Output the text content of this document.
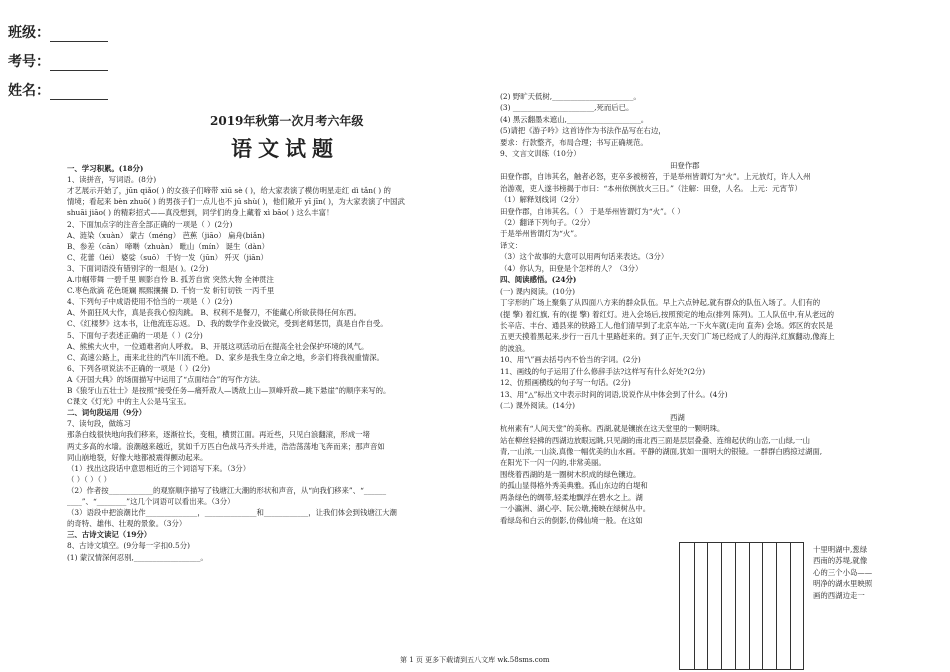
班级：
考号：
姓名：
2019年秋第一次月考六年级
语文试题
一、学习积累。(18分)
1、读拼音，写词语。(8分)
才艺展示开始了，jūn qiǎo( ) 的女孩子们啼带 xiū sè ( )，给大家表演了模仿明星走红 dì tǎn( ) 的
情境；看起来 bèn zhuō( ) 的男孩子们一点儿也不 jū shù( )，他们敞开 yī jīn( )，为大家表演了中国武
shuāi jiāo( ) 的精彩招式——真没想到，同学们的身上藏着 xì bāo( ) 这么丰富！
2、下面加点字的注音全部正确的一项是（ ）(2分)
A、涟染（xuàn） 蒙古（méng） 芭蕉（jiāo） 扁舟(biǎn)
B、参差（cān） 啼啭（zhuàn） 毗山（mín） 诞生（dàn）
C、花蕾（léi） 婆娑（suō） 千钧一发（jūn） 歼灭（jiān）
3、下面词语没有错别字的一组是( )。(2分)
A.巾帼带舞 一碧千里 顾影自怜 B. 孤芳自赏 突然大物 全神贯注
C.枣色欲滴 花色斑斓 熙熙攘攘 D. 千钧一发 斩钉切铁 一丙千里
4、下列句子中成语使用不恰当的一项是（ ）(2分)
A、外面狂风大作，真是丧我心惊肉跳。 B、权利不是餐刀，不能藏心所欲获得任何东西。
C、《红楼梦》这本书，让他流连忘返。 D、我的数学作业没做完，受到老师惩罚，真是自作自受。
5、下面句子表述正确的一项是（ ）(2分)
A、熊熊大火中，一位通难者向人呼救。 B、开展这项活动后在提高全社会保护环境的风气。
C、高速公路上，南来北往的汽车川流不绝。 D、家乡是我生身立命之地，乡亲们将我视重情深。
6、下列各项说法不正确的一项是（ ）(2分)
A《开国大典》的场面描写中运用了“点面结合”的写作方法。
B《狼牙山五壮士》是按照“接受任务—痛歼敌人—诱敌上山—顶峰歼敌—跳下悬崖”的顺序来写的。
C课文《灯光》中的主人公是马宝玉。
二、词句段运用（9分）
7、读句段，做练习
那条白线很快地向我们移来，逐渐拉长，变粗，横贯江面。再近些，只见白浪翻滚，形成一堵
两丈多高的水墙。浪潮越来越近，犹如千万匹白色战马齐头并进，浩浩荡荡地飞奔而来；那声音如
同山崩地裂，好像大地都被震得颤动起来。
（1）找出这段话中意思相近的三个词语写下来。（3分）
（ ）（ ）（ ）
（2）作者按____________的观察顺序描写了钱塘江大潮的形状和声音，从“向我们移来”、“______
____”、“________”这几个词语可以看出来。（3分）
（3）语段中把浪潮比作______________，______________和____________，让我们体会到钱塘江大潮
的奇特、雄伟、壮观的景象。（3分）
三、古诗文读记（19分）
8、古诗文填空。(9分每一字扣0.5分)
(1) 蒙汉情深何忍别,__________________。
(2) 野旷天低树,______________________。
(3) ______________________,死而后已。
(4) 黑云翻墨未遮山,____________________。
(5)请把《游子吟》这首诗作为书法作品写在右边，
要求：行款整齐，布局合理；书写正确规范。
9、文言文训练（10分）
田登作郡
田登作郡，自讳其名，触者必怒，吏卒多被榜笞，于是举州皆谓灯为“火”。上元放灯，许人入州
治游观，吏人遂书榜揭于市曰：“本州依例放火三日。”（注解：田登，人名。 上元：元宵节）
（1）解释划线词（2分）
田登作郡，自讳其名。（ ） 于是举州皆谓灯为“火”。（ ）
（2）翻译下列句子。（2分）
于是举州皆谓灯为“火”。
译文：
（3）这个故事的大意可以用两句话来表达。（3分）
（4）你认为，田登是个怎样的人？（3分）
四、阅读感悟。(24分)
(一) 课内阅读。(10分)
丁字形的广场上聚集了从四面八方来的群众队伍。早上六点钟起,就有群众的队伍入场了。人们有的
(提 擎) 着红旗, 有的(提 擎) 着红灯。进入会场后,按照预定的地点(排列 陈列)。工人队伍中,有从老远的
长辛店、丰台、通县来的铁路工人,他们清早到了北京车站,一下火车就(走向 直奔) 会场。郊区的农民是
五更天摸着黑起来,步行一百几十里路赶来的。到了正午,天安门广场已经成了人的海洋,红旗翻动,像海上
的波浪。
10、用“\”画去括号内不恰当的字词。(2分)
11、画线的句子运用了什么修辞手法?这样写有什么好处?(2分)
12、仿照画横线的句子写一句话。(2分)
13、用“△”标出文中表示时间的词语,说说作从中体会到了什么。(4分)
(二) 课外阅读。(14分)
西湖
杭州素有“人间天堂”的美称。西湖,就是镶嵌在这天堂里的一颗明珠。
站在柳丝轻拂的西湖边放眼远眺,只见湖的南北西三面是层层叠叠、连绵起伏的山峦,一山绿,一山
青,一山浓,一山淡,真像一幅优美的山水画。平静的湖面,犹如一面明大的银镜。一群群白鸥掠过湖面,
在阳光下一闪一闪的,非常美丽。
围绕着西湖的是一圈树木织成的绿色镶边。
的孤山显得格外秀美典雅。孤山东边的白堤和
两条绿色的绸带,轻柔地飘浮在碧水之上。湖
一小瀛洲、湖心亭、阮公墩,掩映在绿树丛中。
看绿岛和白云的倒影,仿佛仙境一般。在这如
十里明湖中,葱绿
西南的苏堤,就像
心的三个小岛——
明净的湖水里映照
画的西湖边走一
第 1 页 更多下载请到五八文库 wk.58sms.com
